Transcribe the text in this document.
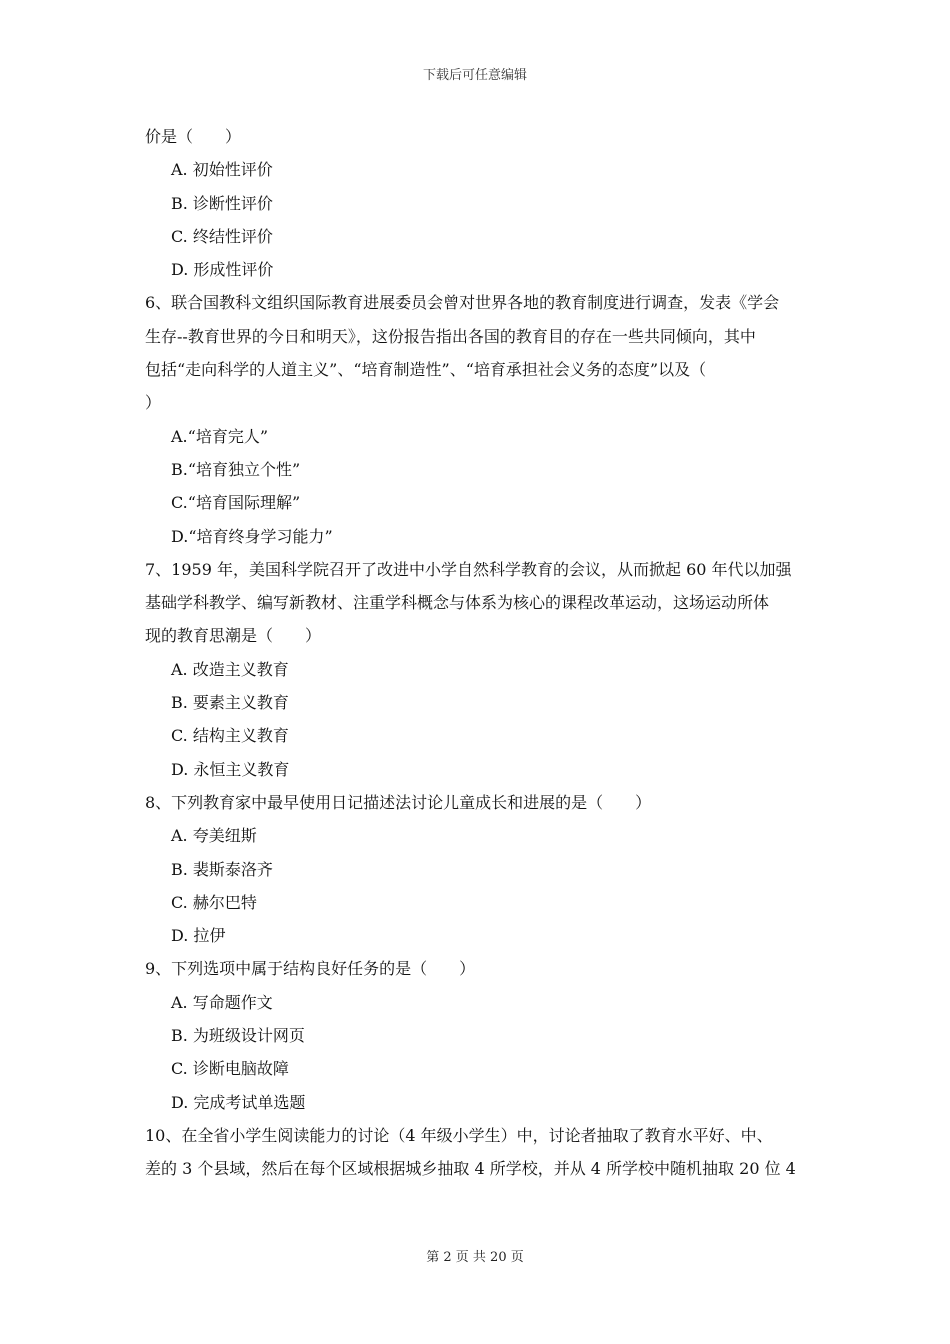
下载后可任意编辑
价是（　　）
A. 初始性评价
B. 诊断性评价
C. 终结性评价
D. 形成性评价
6、联合国教科文组织国际教育进展委员会曾对世界各地的教育制度进行调查，发表《学会
生存--教育世界的今日和明天》，这份报告指出各国的教育目的存在一些共同倾向，其中
包括“走向科学的人道主义”、“培育制造性”、“培育承担社会义务的态度”以及（
）
A.“培育完人”
B.“培育独立个性”
C.“培育国际理解”
D.“培育终身学习能力”
7、1959 年，美国科学院召开了改进中小学自然科学教育的会议，从而掀起 60 年代以加强
基础学科教学、编写新教材、注重学科概念与体系为核心的课程改革运动，这场运动所体
现的教育思潮是（　　）
A. 改造主义教育
B. 要素主义教育
C. 结构主义教育
D. 永恒主义教育
8、下列教育家中最早使用日记描述法讨论儿童成长和进展的是（　　）
A. 夸美纽斯
B. 裴斯泰洛齐
C. 赫尔巴特
D. 拉伊
9、下列选项中属于结构良好任务的是（　　）
A. 写命题作文
B. 为班级设计网页
C. 诊断电脑故障
D. 完成考试单选题
10、在全省小学生阅读能力的讨论（4 年级小学生）中，讨论者抽取了教育水平好、中、
差的 3 个县域，然后在每个区域根据城乡抽取 4 所学校，并从 4 所学校中随机抽取 20 位 4
第 2 页 共 20 页
